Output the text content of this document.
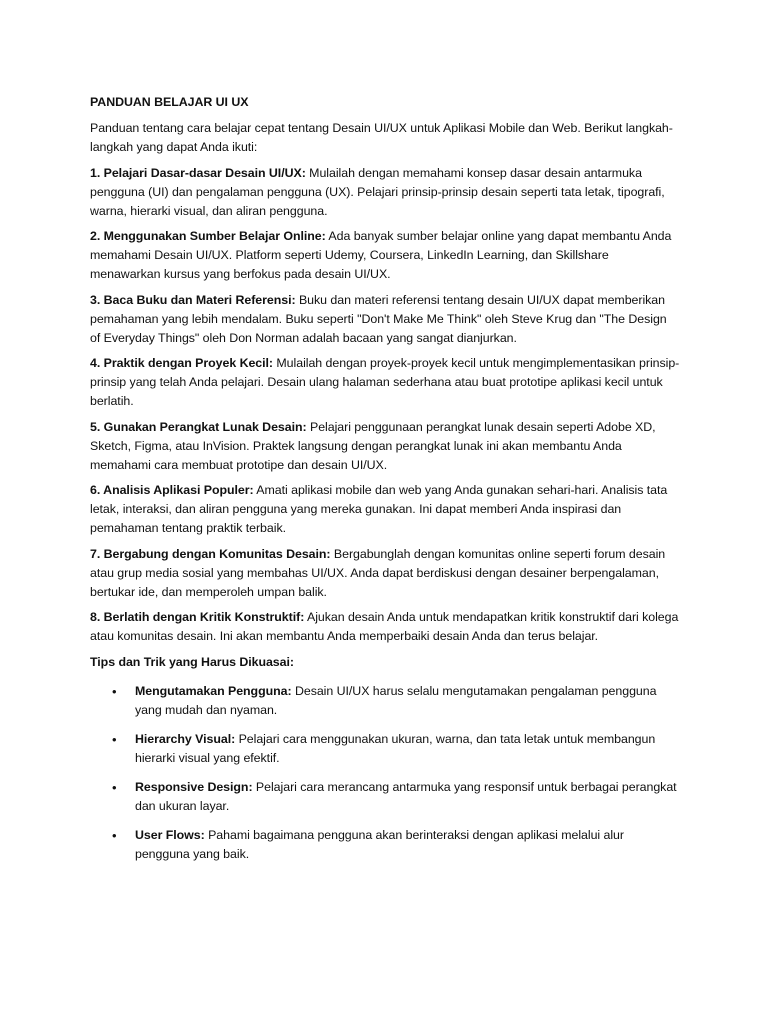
PANDUAN BELAJAR UI UX

Panduan tentang cara belajar cepat tentang Desain UI/UX untuk Aplikasi Mobile dan Web. Berikut langkah-langkah yang dapat Anda ikuti:

1. Pelajari Dasar-dasar Desain UI/UX: Mulailah dengan memahami konsep dasar desain antarmuka pengguna (UI) dan pengalaman pengguna (UX). Pelajari prinsip-prinsip desain seperti tata letak, tipografi, warna, hierarki visual, dan aliran pengguna.

2. Menggunakan Sumber Belajar Online: Ada banyak sumber belajar online yang dapat membantu Anda memahami Desain UI/UX. Platform seperti Udemy, Coursera, LinkedIn Learning, dan Skillshare menawarkan kursus yang berfokus pada desain UI/UX.

3. Baca Buku dan Materi Referensi: Buku dan materi referensi tentang desain UI/UX dapat memberikan pemahaman yang lebih mendalam. Buku seperti "Don't Make Me Think" oleh Steve Krug dan "The Design of Everyday Things" oleh Don Norman adalah bacaan yang sangat dianjurkan.

4. Praktik dengan Proyek Kecil: Mulailah dengan proyek-proyek kecil untuk mengimplementasikan prinsip-prinsip yang telah Anda pelajari. Desain ulang halaman sederhana atau buat prototipe aplikasi kecil untuk berlatih.

5. Gunakan Perangkat Lunak Desain: Pelajari penggunaan perangkat lunak desain seperti Adobe XD, Sketch, Figma, atau InVision. Praktek langsung dengan perangkat lunak ini akan membantu Anda memahami cara membuat prototipe dan desain UI/UX.

6. Analisis Aplikasi Populer: Amati aplikasi mobile dan web yang Anda gunakan sehari-hari. Analisis tata letak, interaksi, dan aliran pengguna yang mereka gunakan. Ini dapat memberi Anda inspirasi dan pemahaman tentang praktik terbaik.

7. Bergabung dengan Komunitas Desain: Bergabunglah dengan komunitas online seperti forum desain atau grup media sosial yang membahas UI/UX. Anda dapat berdiskusi dengan desainer berpengalaman, bertukar ide, dan memperoleh umpan balik.

8. Berlatih dengan Kritik Konstruktif: Ajukan desain Anda untuk mendapatkan kritik konstruktif dari kolega atau komunitas desain. Ini akan membantu Anda memperbaiki desain Anda dan terus belajar.

Tips dan Trik yang Harus Dikuasai:

• Mengutamakan Pengguna: Desain UI/UX harus selalu mengutamakan pengalaman pengguna yang mudah dan nyaman.
• Hierarchy Visual: Pelajari cara menggunakan ukuran, warna, dan tata letak untuk membangun hierarki visual yang efektif.
• Responsive Design: Pelajari cara merancang antarmuka yang responsif untuk berbagai perangkat dan ukuran layar.
• User Flows: Pahami bagaimana pengguna akan berinteraksi dengan aplikasi melalui alur pengguna yang baik.
